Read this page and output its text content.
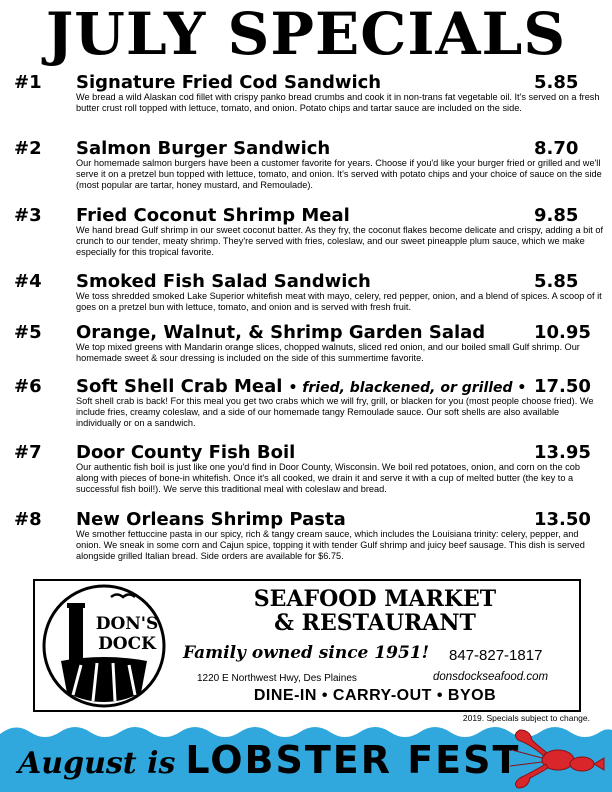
JULY SPECIALS
#1 Signature Fried Cod Sandwich	5.85
We bread a wild Alaskan cod fillet with crispy panko bread crumbs and cook it in non-trans fat vegetable oil. It's served on a fresh butter crust roll topped with lettuce, tomato, and onion. Potato chips and tartar sauce are included on the side.
#2 Salmon Burger Sandwich	8.70
Our homemade salmon burgers have been a customer favorite for years. Choose if you'd like your burger fried or grilled and we'll serve it on a pretzel bun topped with lettuce, tomato, and onion. It's served with potato chips and your choice of sauce on the side (most popular are tartar, honey mustard, and Remoulade).
#3 Fried Coconut Shrimp Meal	9.85
We hand bread Gulf shrimp in our sweet coconut batter. As they fry, the coconut flakes become delicate and crispy, adding a bit of crunch to our tender, meaty shrimp. They're served with fries, coleslaw, and our sweet pineapple plum sauce, which we make especially for this tropical favorite.
#4 Smoked Fish Salad Sandwich	5.85
We toss shredded smoked Lake Superior whitefish meat with mayo, celery, red pepper, onion, and a blend of spices. A scoop of it goes on a pretzel bun with lettuce, tomato, and onion and is served with fresh fruit.
#5 Orange, Walnut, & Shrimp Garden Salad	10.95
We top mixed greens with Mandarin orange slices, chopped walnuts, sliced red onion, and our boiled small Gulf shrimp. Our homemade sweet & sour dressing is included on the side of this summertime favorite.
#6 Soft Shell Crab Meal • fried, blackened, or grilled • 17.50
Soft shell crab is back! For this meal you get two crabs which we will fry, grill, or blacken for you (most people choose fried). We include fries, creamy coleslaw, and a side of our homemade tangy Remoulade sauce. Our soft shells are also available individually or on a sandwich.
#7 Door County Fish Boil	13.95
Our authentic fish boil is just like one you'd find in Door County, Wisconsin. We boil red potatoes, onion, and corn on the cob along with pieces of bone-in whitefish. Once it's all cooked, we drain it and serve it with a cup of melted butter (the key to a successful fish boil!). We serve this traditional meal with coleslaw and bread.
#8 New Orleans Shrimp Pasta	13.50
We smother fettuccine pasta in our spicy, rich & tangy cream sauce, which includes the Louisiana trinity: celery, pepper, and onion. We sneak in some corn and Cajun spice, topping it with tender Gulf shrimp and juicy beef sausage. This dish is served alongside grilled Italian bread. Side orders are available for $6.75.
DON'S
DOCK
SEAFOOD MARKET
& RESTAURANT
Family owned since 1951! 847-827-1817
1220 E Northwest Hwy, Des Plaines	donsdockseafood.com
DINE-IN • CARRY-OUT • BYOB
2019. Specials subject to change.
August is LOBSTER FEST
